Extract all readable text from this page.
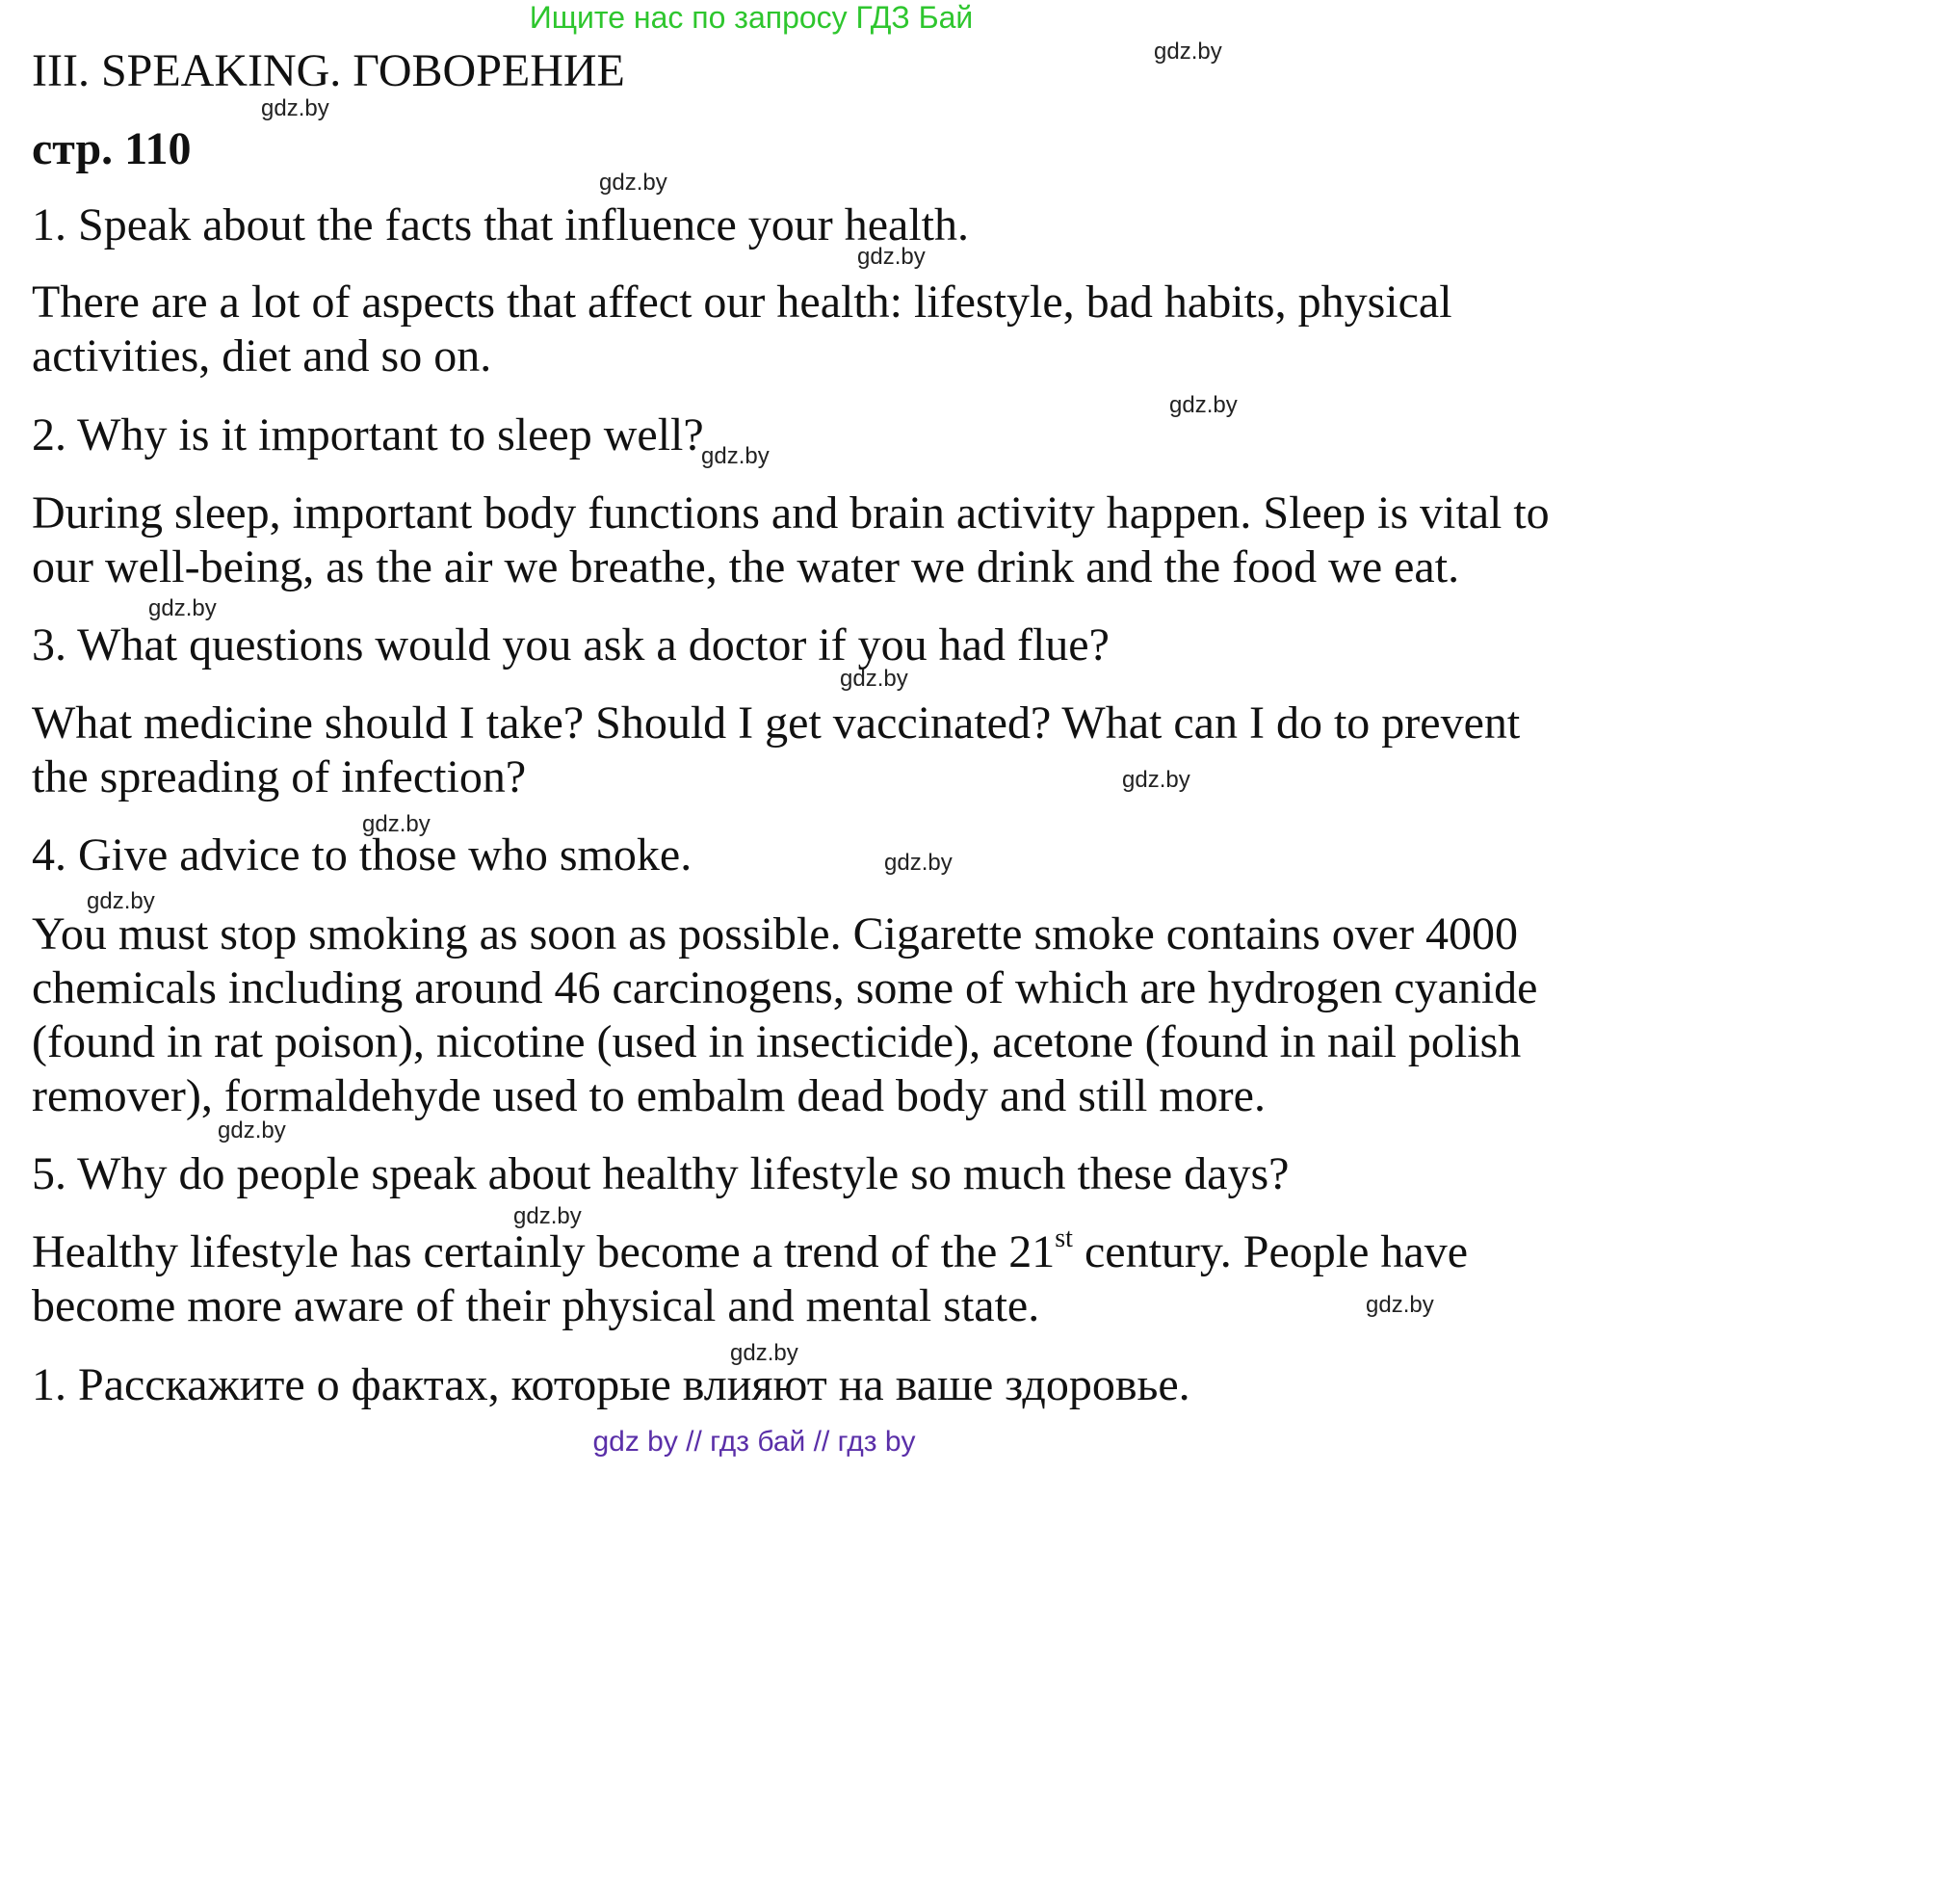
Ищите нас по запросу ГДЗ Бай
III. SPEAKING. ГОВОРЕНИЕ
стр. 110
1. Speak about the facts that influence your health.
There are a lot of aspects that affect our health: lifestyle, bad habits, physical
activities, diet and so on.
2. Why is it important to sleep well?
During sleep, important body functions and brain activity happen. Sleep is vital to
our well-being, as the air we breathe, the water we drink and the food we eat.
3. What questions would you ask a doctor if you had flue?
What medicine should I take? Should I get vaccinated? What can I do to prevent
the spreading of infection?
4. Give advice to those who smoke.
You must stop smoking as soon as possible. Cigarette smoke contains over 4000
chemicals including around 46 carcinogens, some of which are hydrogen cyanide
(found in rat poison), nicotine (used in insecticide), acetone (found in nail polish
remover), formaldehyde used to embalm dead body and still more.
5. Why do people speak about healthy lifestyle so much these days?
Healthy lifestyle has certainly become a trend of the 21st century. People have
become more aware of their physical and mental state.
1. Расскажите о фактах, которые влияют на ваше здоровье.
gdz.by
gdz.by
gdz.by
gdz.by
gdz.by
gdz.by
gdz.by
gdz.by
gdz.by
gdz.by
gdz.by
gdz.by
gdz.by
gdz.by
gdz.by
gdz.by
gdz by // гдз бай // гдз by
